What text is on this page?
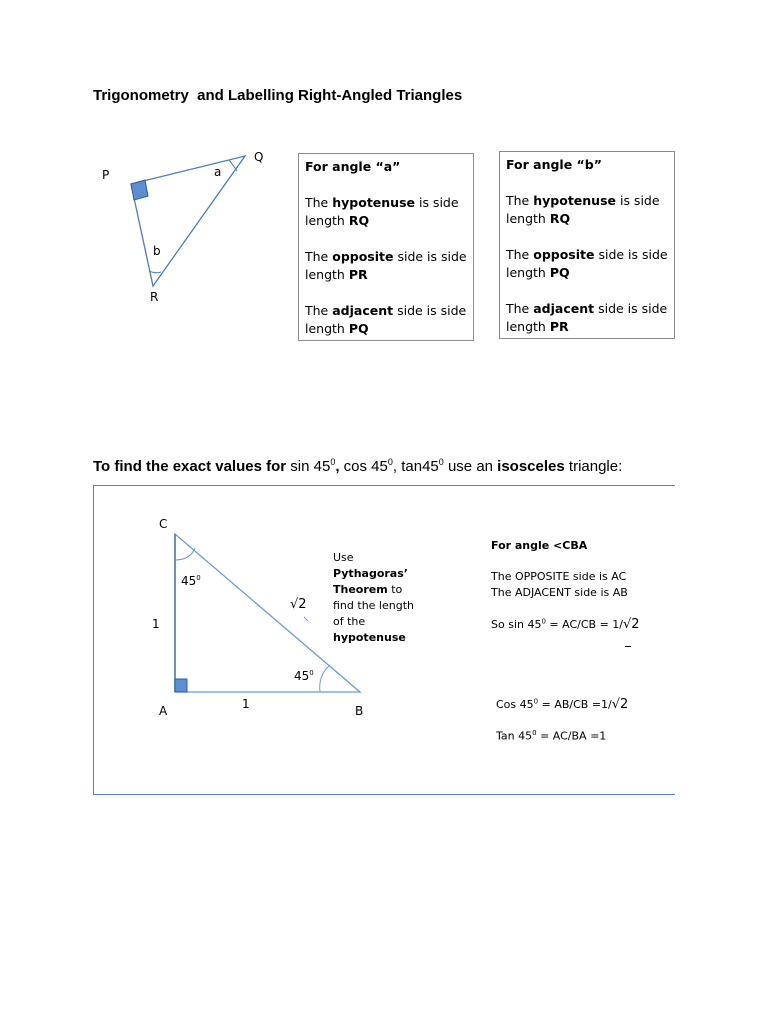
Trigonometry  and Labelling Right-Angled Triangles
P
Q
R
a
b
For angle “a”
The hypotenuse is side length RQ
The opposite side is side length PR
The adjacent side is side length PQ
For angle “b”
The hypotenuse is side length RQ
The opposite side is side length PQ
The adjacent side is side length PR
To find the exact values for $\sin 45^0$, $\cos 45^0$, $\tan 45^0$ use an isosceles triangle:
C
A	B
1
1
√2
$45^0$
$45^0$
Use
Pythagoras’
Theorem to
find the length
of the
hypotenuse
For angle <CBA
The OPPOSITE side is AC
The ADJACENT side is AB
So $\sin 45^0 = AC/CB = 1/√2$
Cos $45^0 = AB/CB =1/√2$
Tan $45^0 = AC/BA =1$
